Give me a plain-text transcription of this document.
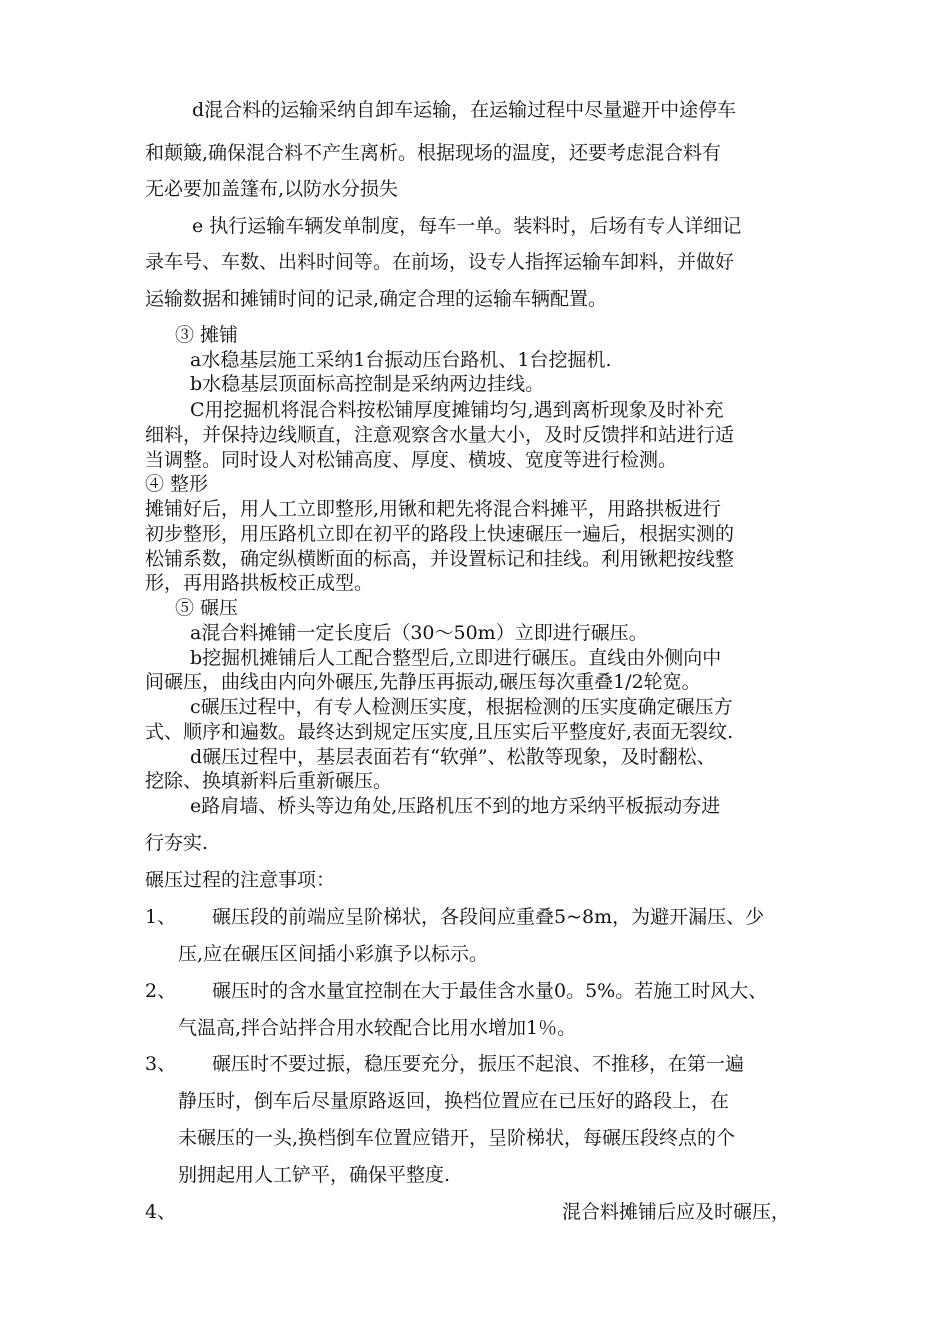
d混合料的运输采纳自卸车运输，在运输过程中尽量避开中途停车
和颠簸,确保混合料不产生离析。根据现场的温度，还要考虑混合料有
无必要加盖篷布,以防水分损失
e 执行运输车辆发单制度，每车一单。装料时，后场有专人详细记
录车号、车数、出料时间等。在前场，设专人指挥运输车卸料，并做好
运输数据和摊铺时间的记录,确定合理的运输车辆配置。
③ 摊铺
a水稳基层施工采纳1台振动压台路机、1台挖掘机.
b水稳基层顶面标高控制是采纳两边挂线。
C用挖掘机将混合料按松铺厚度摊铺均匀,遇到离析现象及时补充
细料，并保持边线顺直，注意观察含水量大小，及时反馈拌和站进行适
当调整。同时设人对松铺高度、厚度、横坡、宽度等进行检测。
④ 整形
摊铺好后，用人工立即整形,用锹和耙先将混合料摊平，用路拱板进行
初步整形，用压路机立即在初平的路段上快速碾压一遍后，根据实测的
松铺系数，确定纵横断面的标高，并设置标记和挂线。利用锹耙按线整
形，再用路拱板校正成型。
⑤ 碾压
a混合料摊铺一定长度后（30～50m）立即进行碾压。
b挖掘机摊铺后人工配合整型后,立即进行碾压。直线由外侧向中
间碾压，曲线由内向外碾压,先静压再振动,碾压每次重叠1/2轮宽。
c碾压过程中，有专人检测压实度，根据检测的压实度确定碾压方
式、顺序和遍数。最终达到规定压实度,且压实后平整度好,表面无裂纹.
d碾压过程中，基层表面若有“软弹”、松散等现象，及时翻松、
挖除、换填新料后重新碾压。
e路肩墙、桥头等边角处,压路机压不到的地方采纳平板振动夯进
行夯实.
碾压过程的注意事项：
1、 碾压段的前端应呈阶梯状，各段间应重叠5~8m，为避开漏压、少
压,应在碾压区间插小彩旗予以标示。
2、 碾压时的含水量宜控制在大于最佳含水量0。5%。若施工时风大、
气温高,拌合站拌合用水较配合比用水增加1％。
3、 碾压时不要过振，稳压要充分，振压不起浪、不推移，在第一遍
静压时，倒车后尽量原路返回，换档位置应在已压好的路段上，在
未碾压的一头,换档倒车位置应错开，呈阶梯状，每碾压段终点的个
别拥起用人工铲平，确保平整度.
4、	混合料摊铺后应及时碾压，
